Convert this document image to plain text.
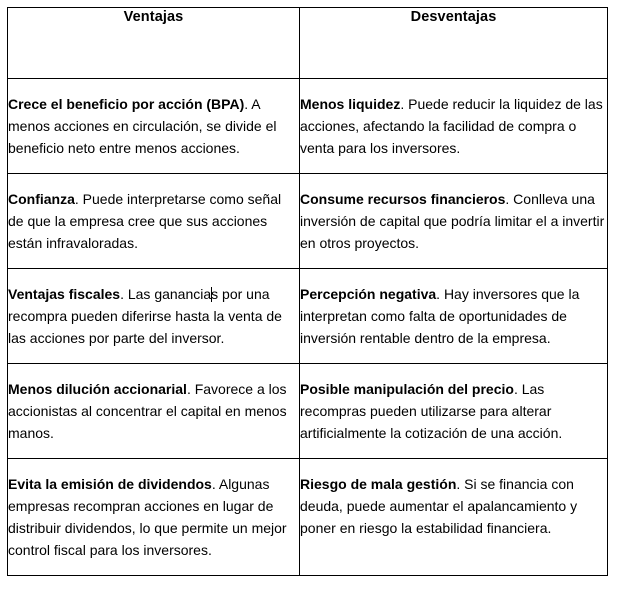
Ventajas	Desventajas

Crece el beneficio por acción (BPA). A menos acciones en circulación, se divide el beneficio neto entre menos acciones.	Menos liquidez. Puede reducir la liquidez de las acciones, afectando la facilidad de compra o venta para los inversores.

Confianza. Puede interpretarse como señal de que la empresa cree que sus acciones están infravaloradas.	Consume recursos financieros. Conlleva una inversión de capital que podría limitar el a invertir en otros proyectos.

Ventajas fiscales. Las ganancias por una recompra pueden diferirse hasta la venta de las acciones por parte del inversor.	Percepción negativa. Hay inversores que la interpretan como falta de oportunidades de inversión rentable dentro de la empresa.

Menos dilución accionarial. Favorece a los accionistas al concentrar el capital en menos manos.	Posible manipulación del precio. Las recompras pueden utilizarse para alterar artificialmente la cotización de una acción.

Evita la emisión de dividendos. Algunas empresas recompran acciones en lugar de distribuir dividendos, lo que permite un mejor control fiscal para los inversores.	Riesgo de mala gestión. Si se financia con deuda, puede aumentar el apalancamiento y poner en riesgo la estabilidad financiera.
